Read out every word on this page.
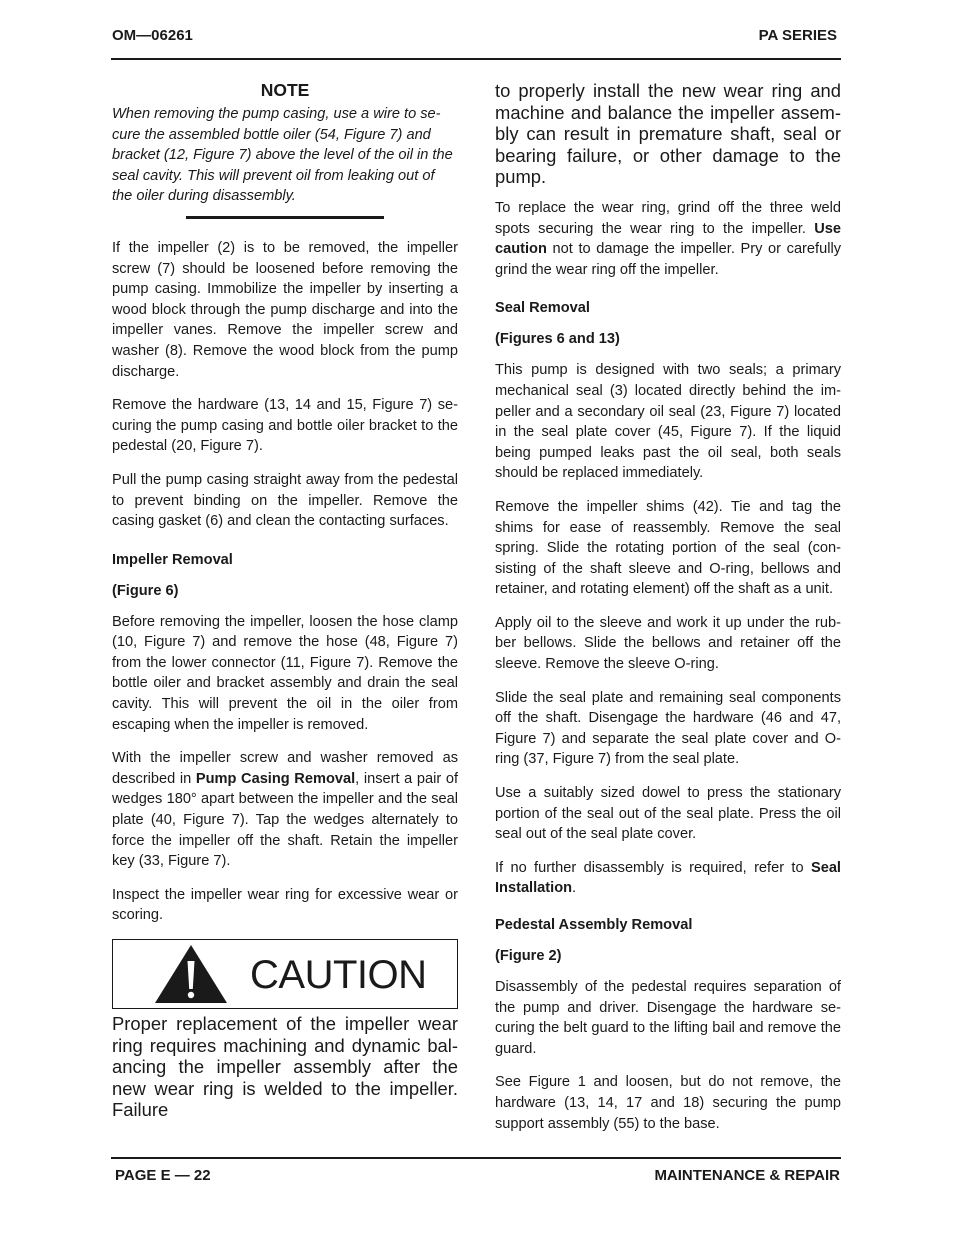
OM​​—06261	PA SERIES
NOTE

When removing the pump casing, use a wire to secure the assembled bottle oiler (54, Figure 7) and bracket (12, Figure 7) above the level of the oil in the seal cavity. This will prevent oil from leaking out of the oiler during disassembly.

If the impeller (2) is to be removed, the impeller screw (7) should be loosened before removing the pump casing. Immobilize the impeller by inserting a wood block through the pump discharge and into the impeller vanes. Remove the impeller screw and washer (8). Remove the wood block from the pump discharge.

Remove the hardware (13, 14 and 15, Figure 7) securing the pump casing and bottle oiler bracket to the pedestal (20, Figure 7).

Pull the pump casing straight away from the pedestal to prevent binding on the impeller. Remove the casing gasket (6) and clean the contacting surfaces.

Impeller Removal
(Figure 6)

Before removing the impeller, loosen the hose clamp (10, Figure 7) and remove the hose (48, Figure 7) from the lower connector (11, Figure 7). Remove the bottle oiler and bracket assembly and drain the seal cavity. This will prevent the oil in the oiler from escaping when the impeller is removed.

With the impeller screw and washer removed as described in Pump Casing Removal, insert a pair of wedges 180° apart between the impeller and the seal plate (40, Figure 7). Tap the wedges alternately to force the impeller off the shaft. Retain the impeller key (33, Figure 7).

Inspect the impeller wear ring for excessive wear or scoring.

CAUTION

Proper replacement of the impeller wear ring requires machining and dynamic balancing the impeller assembly after the new wear ring is welded to the impeller. Failure

to properly install the new wear ring and machine and balance the impeller assembly can result in premature shaft, seal or bearing failure, or other damage to the pump.

To replace the wear ring, grind off the three weld spots securing the wear ring to the impeller. Use caution not to damage the impeller. Pry or carefully grind the wear ring off the impeller.

Seal Removal
(Figures 6 and 13)

This pump is designed with two seals; a primary mechanical seal (3) located directly behind the impeller and a secondary oil seal (23, Figure 7) located in the seal plate cover (45, Figure 7). If the liquid being pumped leaks past the oil seal, both seals should be replaced immediately.

Remove the impeller shims (42). Tie and tag the shims for ease of reassembly. Remove the seal spring. Slide the rotating portion of the seal (consisting of the shaft sleeve and O-ring, bellows and retainer, and rotating element) off the shaft as a unit.

Apply oil to the sleeve and work it up under the rubber bellows. Slide the bellows and retainer off the sleeve. Remove the sleeve O-ring.

Slide the seal plate and remaining seal components off the shaft. Disengage the hardware (46 and 47, Figure 7) and separate the seal plate cover and O-ring (37, Figure 7) from the seal plate.

Use a suitably sized dowel to press the stationary portion of the seal out of the seal plate. Press the oil seal out of the seal plate cover.

If no further disassembly is required, refer to Seal Installation.

Pedestal Assembly Removal
(Figure 2)

Disassembly of the pedestal requires separation of the pump and driver. Disengage the hardware securing the belt guard to the lifting bail and remove the guard.

See Figure 1 and loosen, but do not remove, the hardware (13, 14, 17 and 18) securing the pump support assembly (55) to the base.

PAGE E — 22	MAINTENANCE & REPAIR
